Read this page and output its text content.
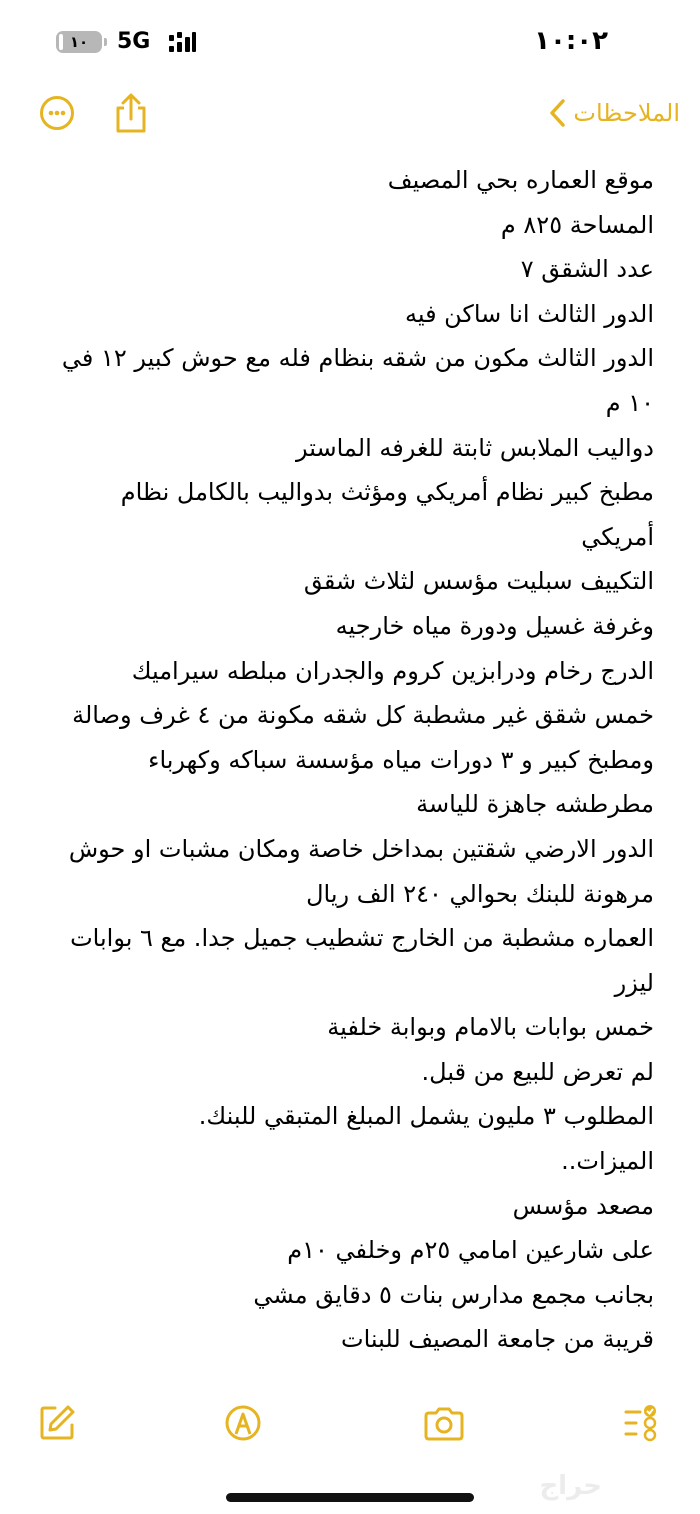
١٠	5G	١٠:٠٢
الملاحظات

موقع العماره بحي المصيف

المساحة ٨٢٥ م

عدد الشقق ٧

الدور الثالث انا ساكن فيه

الدور الثالث مكون من شقه بنظام فله مع حوش كبير ١٢ في ١٠ م

دواليب الملابس ثابتة للغرفه الماستر

مطبخ كبير نظام أمريكي ومؤثث بدواليب بالكامل نظام أمريكي

التكييف سبليت مؤسس لثلاث شقق

وغرفة غسيل ودورة مياه خارجيه

الدرج رخام ودرابزين كروم والجدران مبلطه سيراميك

خمس شقق غير مشطبة كل شقه مكونة من ٤ غرف وصالة ومطبخ كبير و ٣ دورات مياه مؤسسة سباكه وكهرباء مطرطشه جاهزة للياسة

الدور الارضي شقتين بمداخل خاصة ومكان مشبات او حوش

مرهونة للبنك بحوالي ٢٤٠ الف ريال

العماره مشطبة من الخارج تشطيب جميل جدا. مع ٦ بوابات ليزر

خمس بوابات بالامام وبوابة خلفية

لم تعرض للبيع من قبل.

المطلوب ٣ مليون يشمل المبلغ المتبقي للبنك.

الميزات..

مصعد مؤسس

على شارعين امامي ٢٥م وخلفي ١٠م

بجانب مجمع مدارس بنات ٥ دقايق مشي

قريبة من جامعة المصيف للبنات

حراج
